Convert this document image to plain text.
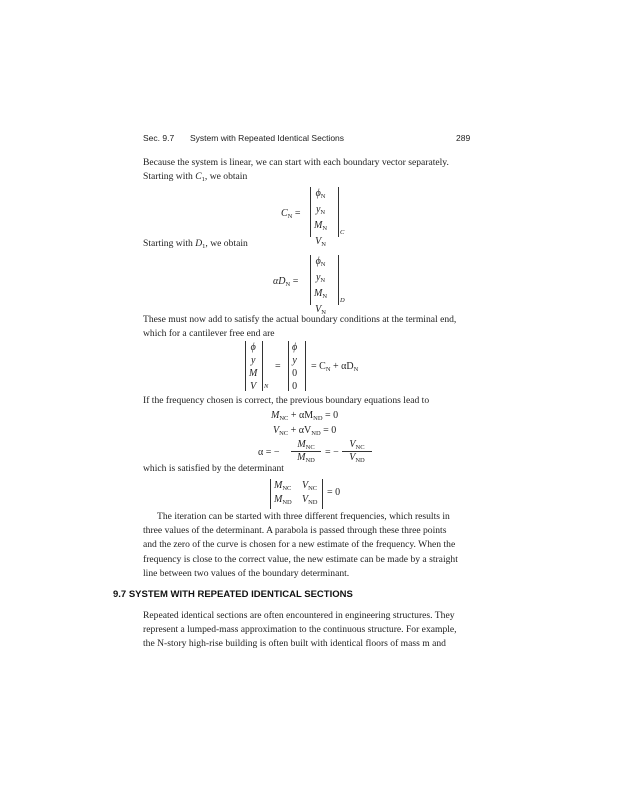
Sec. 9.7 System with Repeated Identical Sections	289
Because the system is linear, we can start with each boundary vector separately.
Starting with $C_1$, we obtain
$C_N$ =
$\phi_N$
$y_N$
$M_N$
$V_N$
C
Starting with $D_1$, we obtain
$\alpha D_N$ =
$\phi_N$
$y_N$
$M_N$
$V_N$
D
These must now add to satisfy the actual boundary conditions at the terminal end,
which for a cantilever free end are
ϕ
y
M
V N
=
ϕ
y
0
0
= $C_N + \alpha D_N$
If the frequency chosen is correct, the previous boundary equations lead to
$M_{NC} + \alpha M_{ND} = 0$
$V_{NC} + \alpha V_{ND} = 0$
α = −
$M_{NC}$
$M_{ND}$
= −
$V_{NC}$
$V_{ND}$
which is satisfied by the determinant
$M_{NC}$ $V_{NC}$
$M_{ND}$ $V_{ND}$
= 0
The iteration can be started with three different frequencies, which results in
three values of the determinant. A parabola is passed through these three points
and the zero of the curve is chosen for a new estimate of the frequency. When the
frequency is close to the correct value, the new estimate can be made by a straight
line between two values of the boundary determinant.
9.7 SYSTEM WITH REPEATED IDENTICAL SECTIONS
Repeated identical sections are often encountered in engineering structures. They
represent a lumped-mass approximation to the continuous structure. For example,
the N-story high-rise building is often built with identical floors of mass m and
